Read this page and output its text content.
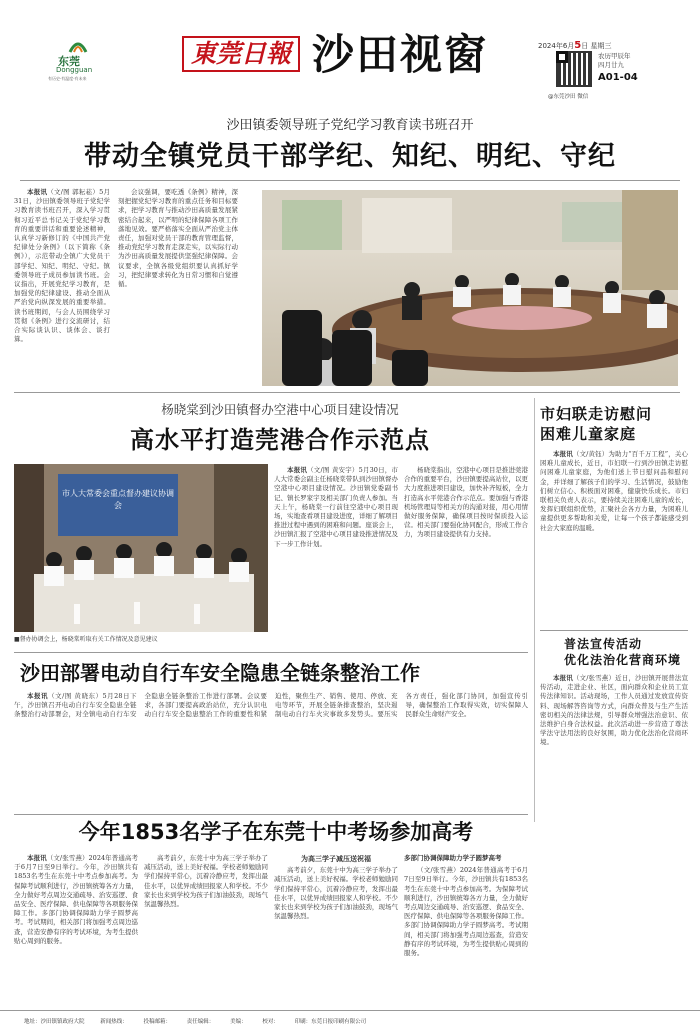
东莞
Dongguan
有历史·有温度·有未来
東莞日報 沙田视窗	2024年6月5日 星期三
农历甲辰年
四月廿九
A01-04
@东莞沙田 微信
沙田镇委领导班子党纪学习教育读书班召开
带动全镇党员干部学纪、知纪、明纪、守纪

本报讯（文/图 郭耘菘）5月31日，沙田镇委领导班子党纪学习教育读书班召开，深入学习贯彻习近平总书记关于党纪学习教育的重要讲话和重要论述精神，认真学习新修订的《中国共产党纪律处分条例》（以下简称《条例》），示范带动全镇广大党员干部学纪、知纪、明纪、守纪。镇委领导班子成员参加读书班。会议指出，开展党纪学习教育，是加强党的纪律建设、推动全面从严治党向纵深发展的重要举措。读书班期间，与会人员围绕学习贯彻《条例》进行交流研讨，结合实际谈认识、谈体会、谈打算。

会议强调，要吃透《条例》精神，深刻把握党纪学习教育的重点任务和目标要求，把学习教育与推动沙田高质量发展紧密结合起来，以严明的纪律保障各项工作落地见效。要严格落实全面从严治党主体责任，加强对党员干部的教育管理监督，推动党纪学习教育走深走实，以实际行动为沙田高质量发展提供坚强纪律保障。会议要求，全镇各级党组织要认真抓好学习，把纪律要求转化为日常习惯和自觉遵循。

杨晓棠到沙田镇督办空港中心项目建设情况
高水平打造莞港合作示范点
市人大常委会重点督办建议协调会
■督办协调会上，杨晓棠听取有关工作情况及意见建议

本报讯（文/图 黄安宇）5月30日，市人大常委会副主任杨晓棠带队到沙田镇督办空港中心项目建设情况。沙田镇党委副书记、镇长罗家宇及相关部门负责人参加。当天上午，杨晓棠一行前往空港中心项目现场，实地查看项目建设进度，详细了解项目推进过程中遇到的困难和问题。座谈会上，沙田镇汇报了空港中心项目建设推进情况及下一步工作计划。

杨晓棠指出，空港中心项目是推进莞港合作的重要平台，沙田镇要提高站位，以更大力度推进项目建设，加快补齐短板，全力打造高水平莞港合作示范点。要加强与香港机场管理局等相关方的沟通对接，用心用情做好服务保障，确保项目按时保质投入运营。相关部门要强化协同配合，形成工作合力，为项目建设提供有力支持。

市妇联走访慰问
困难儿童家庭

本报讯（文/黄钰）为助力“百千万工程”，关心困难儿童成长，近日，市妇联一行到沙田镇走访慰问困难儿童家庭，为他们送上节日慰问品和慰问金，并详细了解孩子们的学习、生活情况，鼓励他们树立信心、积极面对困难，健康快乐成长。市妇联相关负责人表示，要持续关注困难儿童的成长，发挥妇联组织优势，汇聚社会各方力量，为困难儿童提供更多帮助和关爱，让每一个孩子都能感受到社会大家庭的温暖。

普法宣传活动
优化法治化营商环境

本报讯（文/张雪燕）近日，沙田镇开展普法宣传活动，走进企业、社区，面向群众和企业员工宣传法律知识。活动现场，工作人员通过发放宣传资料、现场解答咨询等方式，向群众普及与生产生活密切相关的法律法规，引导群众增强法治意识、依法维护自身合法权益。此次活动进一步营造了尊法学法守法用法的良好氛围，助力优化法治化营商环境。

沙田部署电动自行车安全隐患全链条整治工作

本报讯（文/图 黄晓东）5月28日下午，沙田镇召开电动自行车安全隐患全链条整治行动部署会，对全镇电动自行车安全隐患全链条整治工作进行部署。会议要求，各部门要提高政治站位，充分认识电动自行车安全隐患整治工作的重要性和紧迫性，聚焦生产、销售、使用、停放、充电等环节，开展全链条排查整治，坚决遏制电动自行车火灾事故多发势头。要压实各方责任，强化部门协同，加强宣传引导，确保整治工作取得实效，切实保障人民群众生命财产安全。

今年1853名学子在东莞十中考场参加高考

本报讯（文/张雪燕）2024年普通高考于6月7日至9日举行。今年，沙田镇共有1853名考生在东莞十中考点参加高考。为保障考试顺利进行，沙田镇统筹各方力量，全力做好考点周边交通疏导、治安巡逻、食品安全、医疗保障、供电保障等各项服务保障工作。多部门协调保障助力学子圆梦高考。考试期间，相关部门将加强考点周边巡查，营造安静有序的考试环境，为考生提供贴心周到的服务。

高考前夕，东莞十中为高三学子举办了减压活动，送上美好祝福。学校老师勉励同学们保持平常心，沉着冷静应考，发挥出最佳水平，以优异成绩回报家人和学校。不少家长也来到学校为孩子们加油鼓劲，现场气氛温馨热烈。

为高三学子减压送祝福

高考前夕，东莞十中为高三学子举办了减压活动，送上美好祝福。学校老师勉励同学们保持平常心，沉着冷静应考，发挥出最佳水平，以优异成绩回报家人和学校。不少家长也来到学校为孩子们加油鼓劲，现场气氛温馨热烈。

多部门协调保障助力学子圆梦高考

（文/张雪燕）2024年普通高考于6月7日至9日举行。今年，沙田镇共有1853名考生在东莞十中考点参加高考。为保障考试顺利进行，沙田镇统筹各方力量，全力做好考点周边交通疏导、治安巡逻、食品安全、医疗保障、供电保障等各项服务保障工作。多部门协调保障助力学子圆梦高考。考试期间，相关部门将加强考点周边巡查，营造安静有序的考试环境，为考生提供贴心周到的服务。

地址：沙田镇镇政府大院	新闻热线：	投稿邮箱：	责任编辑：	美编：	校对：	印刷：东莞日报印刷有限公司
